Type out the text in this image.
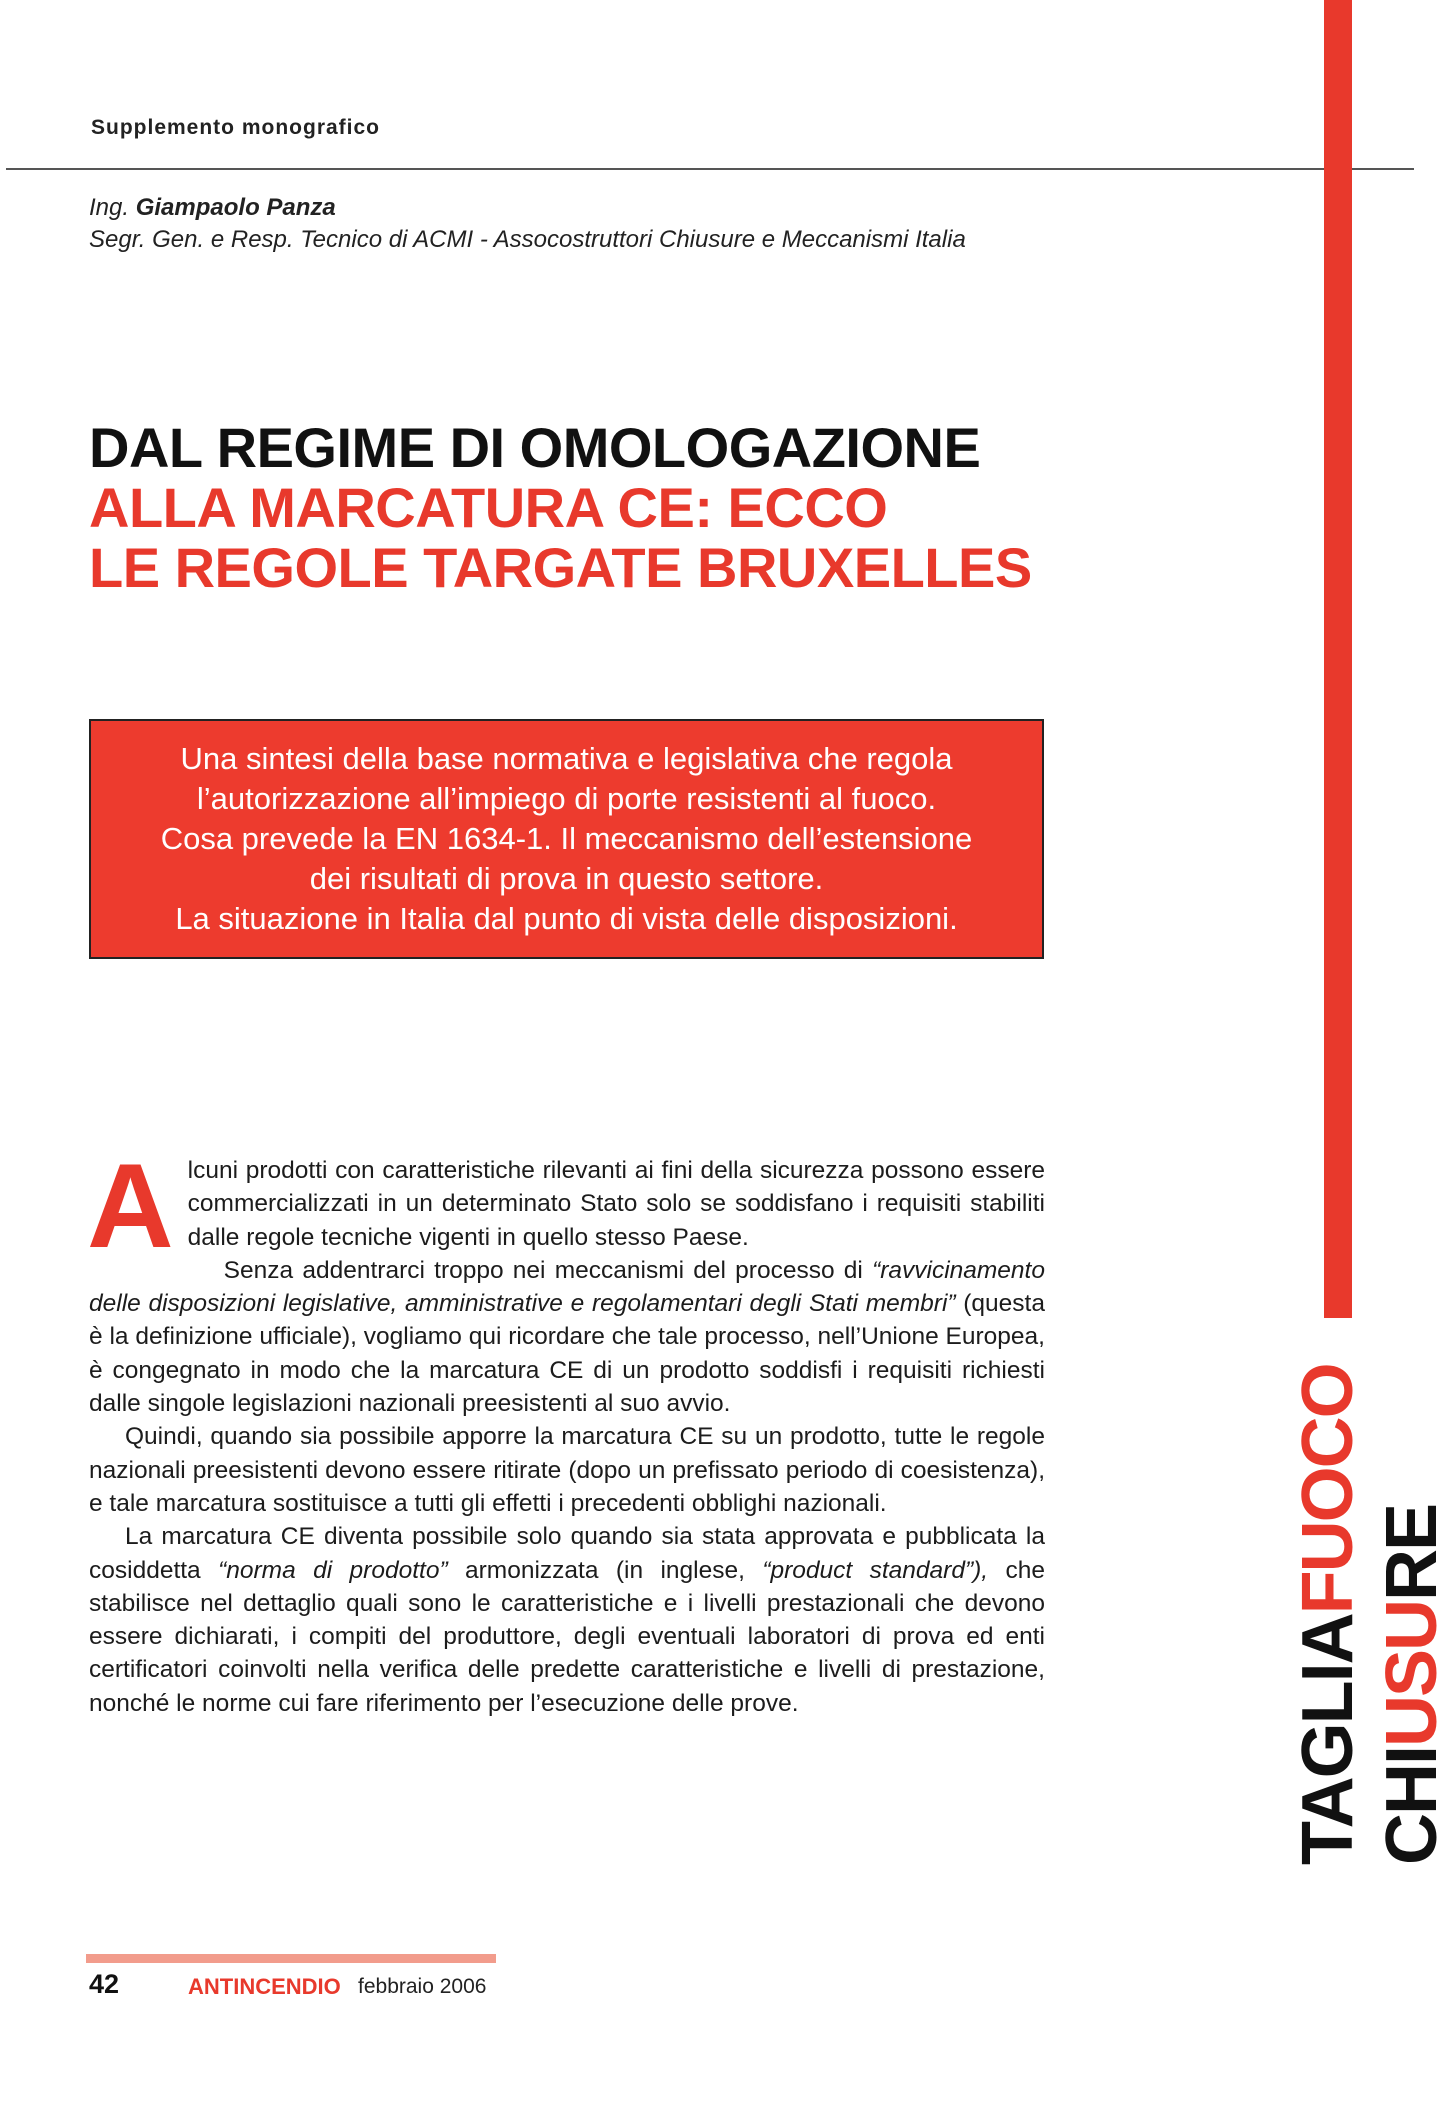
Supplemento monografico
Ing. Giampaolo Panza
Segr. Gen. e Resp. Tecnico di ACMI - Assocostruttori Chiusure e Meccanismi Italia
DAL REGIME DI OMOLOGAZIONE
ALLA MARCATURA CE: ECCO
LE REGOLE TARGATE BRUXELLES
Una sintesi della base normativa e legislativa che regola
l’autorizzazione all’impiego di porte resistenti al fuoco.
Cosa prevede la EN 1634-1. Il meccanismo dell’estensione
dei risultati di prova in questo settore.
La situazione in Italia dal punto di vista delle disposizioni.

Alcuni prodotti con caratteristiche rilevanti ai fini della sicurezza possono essere commercializzati in un determinato Stato solo se soddisfano i requisiti stabiliti dalle regole tecniche vigenti in quello stesso Paese.

Senza addentrarci troppo nei meccanismi del processo di “ravvicinamento delle disposizioni legislative, amministrative e regolamentari degli Stati membri” (questa è la definizione ufficiale), vogliamo qui ricordare che tale processo, nell’Unione Europea, è congegnato in modo che la marcatura CE di un prodotto soddisfi i requisiti richiesti dalle singole legislazioni nazionali preesistenti al suo avvio.

Quindi, quando sia possibile apporre la marcatura CE su un prodotto, tutte le regole nazionali preesistenti devono essere ritirate (dopo un prefissato periodo di coesistenza), e tale marcatura sostituisce a tutti gli effetti i precedenti obblighi nazionali.

La marcatura CE diventa possibile solo quando sia stata approvata e pubblicata la cosiddetta “norma di prodotto” armonizzata (in inglese, “product standard”), che stabilisce nel dettaglio quali sono le caratteristiche e i livelli prestazionali che devono essere dichiarati, i compiti del produttore, degli eventuali laboratori di prova ed enti certificatori coinvolti nella verifica delle predette caratteristiche e livelli di prestazione, nonché le norme cui fare riferimento per l’esecuzione delle prove.

CHIUSURE
TAGLIAFUOCO
42	ANTINCENDIO febbraio 2006
